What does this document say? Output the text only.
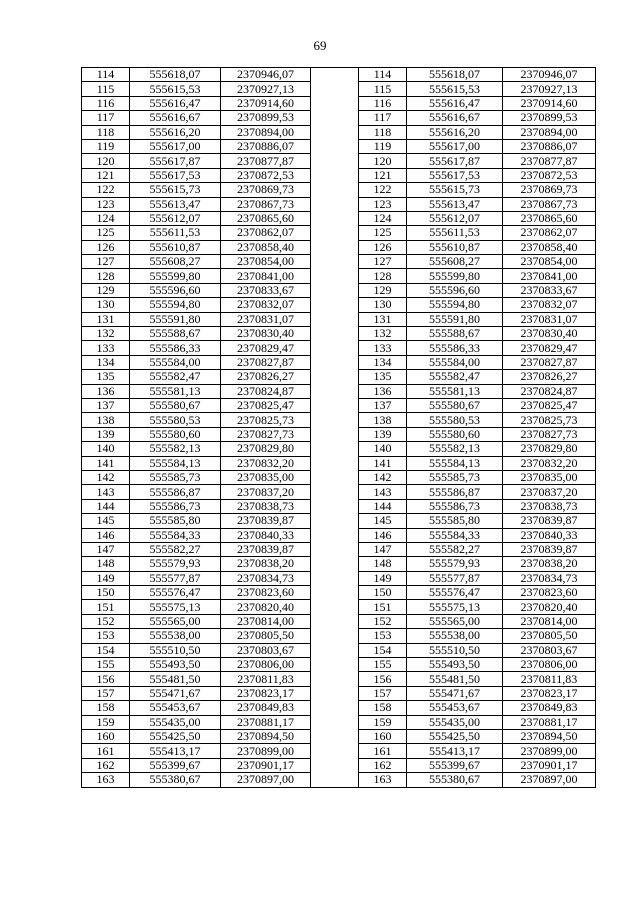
69
114	555618,07	2370946,07		114	555618,07	2370946,07
115	555615,53	2370927,13		115	555615,53	2370927,13
116	555616,47	2370914,60		116	555616,47	2370914,60
117	555616,67	2370899,53		117	555616,67	2370899,53
118	555616,20	2370894,00		118	555616,20	2370894,00
119	555617,00	2370886,07		119	555617,00	2370886,07
120	555617,87	2370877,87		120	555617,87	2370877,87
121	555617,53	2370872,53		121	555617,53	2370872,53
122	555615,73	2370869,73		122	555615,73	2370869,73
123	555613,47	2370867,73		123	555613,47	2370867,73
124	555612,07	2370865,60		124	555612,07	2370865,60
125	555611,53	2370862,07		125	555611,53	2370862,07
126	555610,87	2370858,40		126	555610,87	2370858,40
127	555608,27	2370854,00		127	555608,27	2370854,00
128	555599,80	2370841,00		128	555599,80	2370841,00
129	555596,60	2370833,67		129	555596,60	2370833,67
130	555594,80	2370832,07		130	555594,80	2370832,07
131	555591,80	2370831,07		131	555591,80	2370831,07
132	555588,67	2370830,40		132	555588,67	2370830,40
133	555586,33	2370829,47		133	555586,33	2370829,47
134	555584,00	2370827,87		134	555584,00	2370827,87
135	555582,47	2370826,27		135	555582,47	2370826,27
136	555581,13	2370824,87		136	555581,13	2370824,87
137	555580,67	2370825,47		137	555580,67	2370825,47
138	555580,53	2370825,73		138	555580,53	2370825,73
139	555580,60	2370827,73		139	555580,60	2370827,73
140	555582,13	2370829,80		140	555582,13	2370829,80
141	555584,13	2370832,20		141	555584,13	2370832,20
142	555585,73	2370835,00		142	555585,73	2370835,00
143	555586,87	2370837,20		143	555586,87	2370837,20
144	555586,73	2370838,73		144	555586,73	2370838,73
145	555585,80	2370839,87		145	555585,80	2370839,87
146	555584,33	2370840,33		146	555584,33	2370840,33
147	555582,27	2370839,87		147	555582,27	2370839,87
148	555579,93	2370838,20		148	555579,93	2370838,20
149	555577,87	2370834,73		149	555577,87	2370834,73
150	555576,47	2370823,60		150	555576,47	2370823,60
151	555575,13	2370820,40		151	555575,13	2370820,40
152	555565,00	2370814,00		152	555565,00	2370814,00
153	555538,00	2370805,50		153	555538,00	2370805,50
154	555510,50	2370803,67		154	555510,50	2370803,67
155	555493,50	2370806,00		155	555493,50	2370806,00
156	555481,50	2370811,83		156	555481,50	2370811,83
157	555471,67	2370823,17		157	555471,67	2370823,17
158	555453,67	2370849,83		158	555453,67	2370849,83
159	555435,00	2370881,17		159	555435,00	2370881,17
160	555425,50	2370894,50		160	555425,50	2370894,50
161	555413,17	2370899,00		161	555413,17	2370899,00
162	555399,67	2370901,17		162	555399,67	2370901,17
163	555380,67	2370897,00		163	555380,67	2370897,00
